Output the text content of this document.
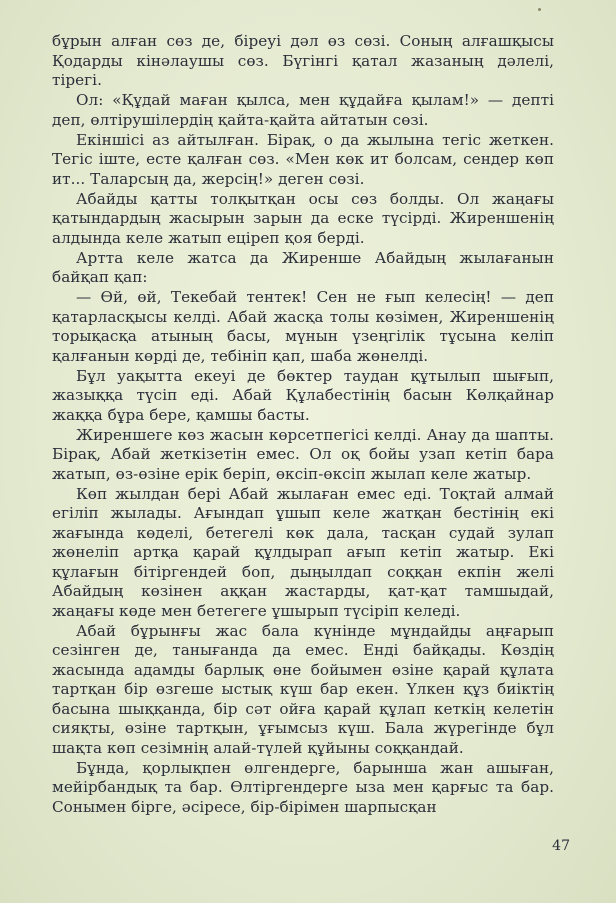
бұрын алған сөз де, біреуі дәл өз сөзі. Соның алғашқысы Қодарды кінәлаушы сөз. Бүгінгі қатал жазаның дәлелі, тірегі.

Ол: «Құдай маған қылса, мен құдайға қылам!» — депті деп, өлтірушілердің қайта-қайта айтатын сөзі.

Екіншісі аз айтылған. Бірақ, о да жылына тегіс жеткен. Тегіс іште, есте қалған сөз. «Мен көк ит болсам, сендер көп ит... Таларсың да, жерсің!» деген сөзі.

Абайды қатты толқытқан осы сөз болды. Ол жаңағы қатындардың жасырын зарын да еске түсірді. Жиреншенің алдында келе жатып еціреп қоя берді.

Артта келе жатса да Жиренше Абайдың жылағанын байқап қап:

— Өй, өй, Текебай тентек! Сен не ғып келесің! — деп қатарласқысы келді. Абай жасқа толы көзімен, Жиреншенің торықасқа атының басы, мүнын үзеңгілік тұсына келіп қалғанын көрді де, тебініп қап, шаба жөнелді.

Бұл уақытта екеуі де бөктер таудан құтылып шығып, жазыққа түсіп еді. Абай Құлабестінің басын Көлқайнар жаққа бұра бере, қамшы басты.

Жиреншеге көз жасын көрсетпегісі келді. Анау да шапты. Бірақ, Абай жеткізетін емес. Ол оқ бойы узап кетіп бара жатып, өз-өзіне ерік беріп, өксіп-өксіп жылап келе жатыр.

Көп жылдан бері Абай жылаған емес еді. Тоқтай алмай егіліп жылады. Ағындап ұшып келе жатқан бестінің екі жағында көделі, бетегелі көк дала, тасқан судай зулап жөнеліп артқа қарай құлдырап ағып кетіп жатыр. Екі құлағын бітіргендей боп, дыңылдап соққан екпін желі Абайдың көзінен аққан жастарды, қат-қат тамшыдай, жаңағы көде мен бетегеге ұшырып түсіріп келеді.

Абай бұрынғы жас бала күнінде мұндайды аңғарып сезінген де, танығанда да емес. Енді байқады. Көздің жасында адамды барлық өне бойымен өзіне қарай құлата тартқан бір өзгеше ыстық күш бар екен. Үлкен құз биіктің басына шыққанда, бір сәт ойға қарай құлап кеткің келетін сияқты, өзіне тартқын, ұғымсыз күш. Бала жүрегінде бұл шақта көп сезімнің алай-түлей құйыны соққандай.

Бұнда, қорлықпен өлгендерге, барынша жан ашыған, мейірбандық та бар. Өлтіргендерге ыза мен қарғыс та бар. Сонымен бірге, әсіресе, бір-бірімен шарпысқан

47
